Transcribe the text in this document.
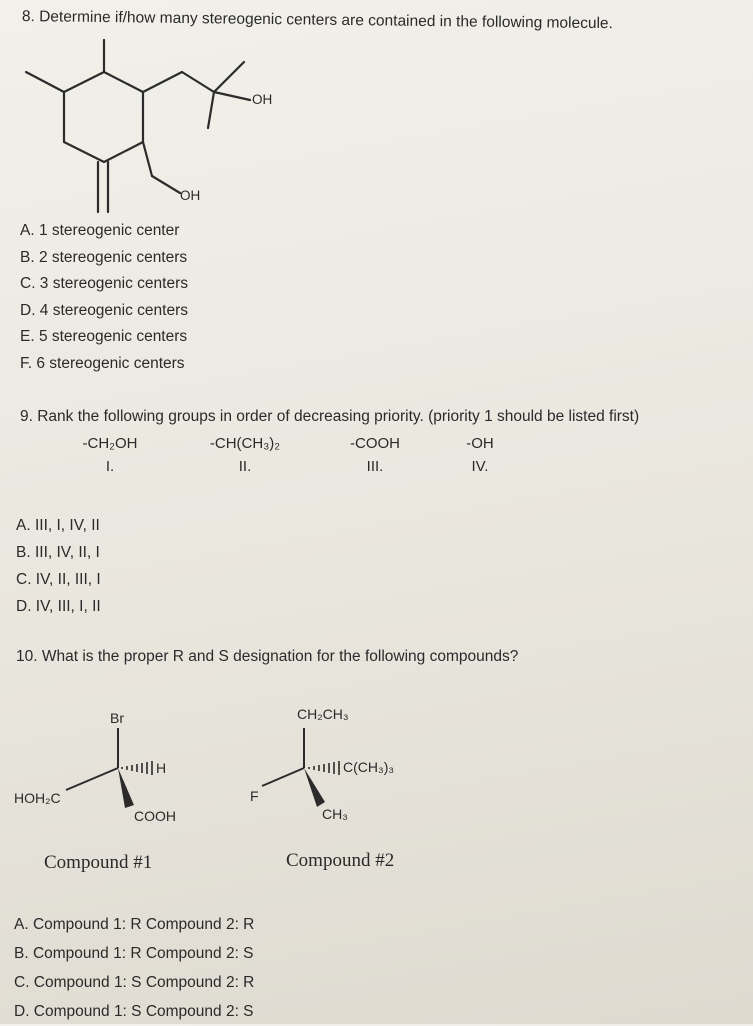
8. Determine if/how many stereogenic centers are contained in the following molecule.
OH
OH
A. 1 stereogenic center
B. 2 stereogenic centers
C. 3 stereogenic centers
D. 4 stereogenic centers
E. 5 stereogenic centers
F. 6 stereogenic centers
9. Rank the following groups in order of decreasing priority. (priority 1 should be listed first)
-CH₂OH
I.
-CH(CH₃)₂
II.
-COOH
III.
-OH
IV.
A. III, I, IV, II
B. III, IV, II, I
C. IV, II, III, I
D. IV, III, I, II
10. What is the proper R and S designation for the following compounds?
Br
H
HOH₂C
COOH
Compound #1
CH₂CH₃
C(CH₃)₃
F
CH₃
Compound #2
A. Compound 1: R Compound 2: R
B. Compound 1: R Compound 2: S
C. Compound 1: S Compound 2: R
D. Compound 1: S Compound 2: S
